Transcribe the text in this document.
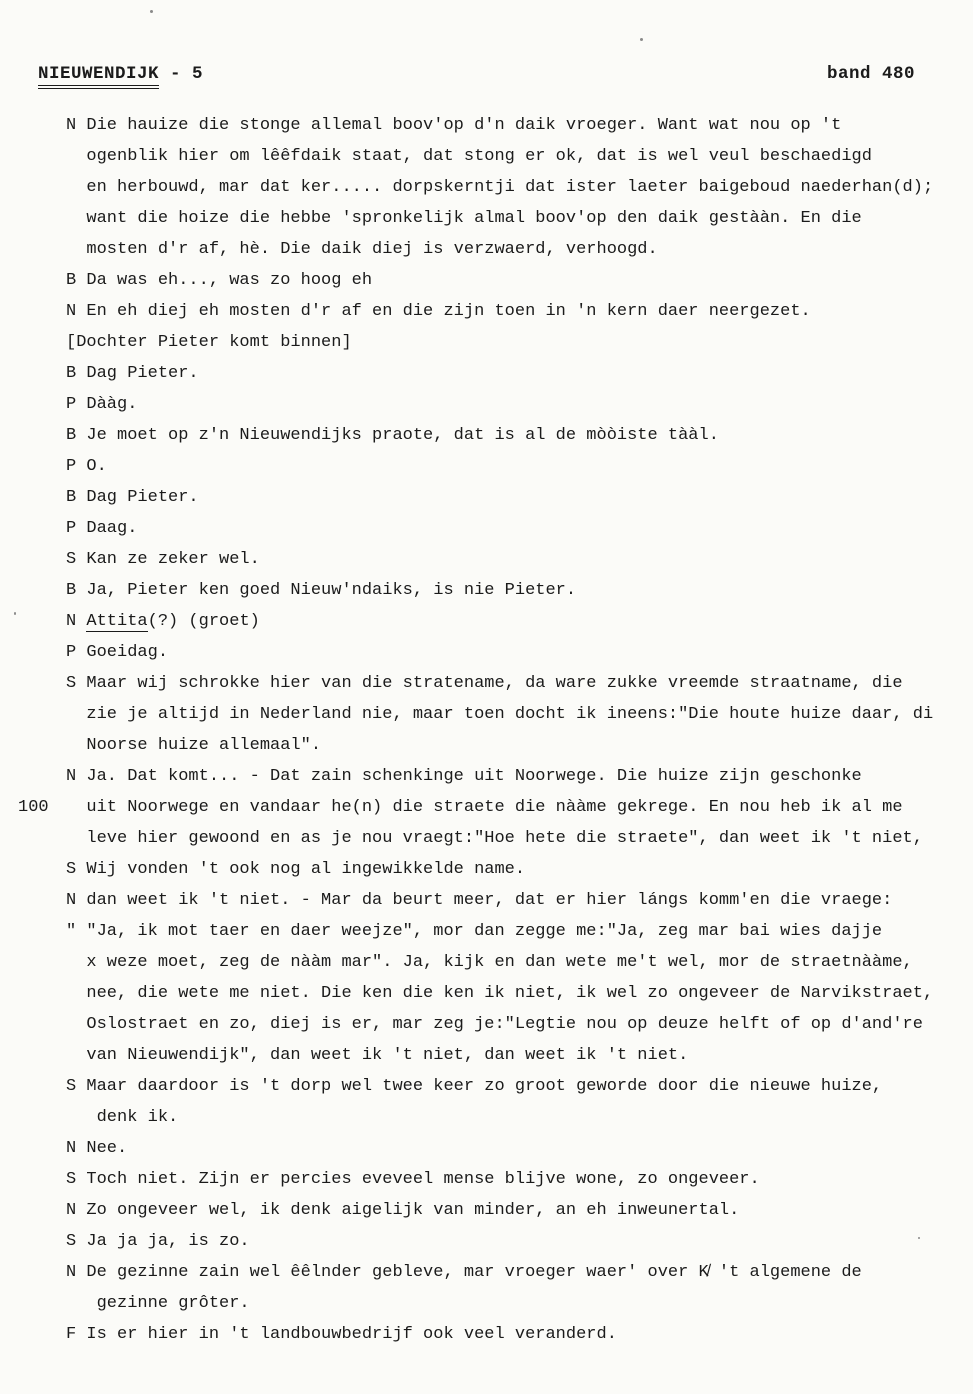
NIEUWENDIJK - 5	band 480
N Die hauize die stonge allemal boov'op d'n daik vroeger. Want wat nou op 't
ogenblik hier om lêêfdaik staat, dat stong er ok, dat is wel veul beschaedigd
en herbouwd, mar dat ker..... dorpskerntji dat ister laeter baigeboud naederhan(d);
want die hoize die hebbe 'spronkelijk almal boov'op den daik gestààn. En die
mosten d'r af, hè. Die daik diej is verzwaerd, verhoogd.
B Da was eh..., was zo hoog eh
N En eh diej eh mosten d'r af en die zijn toen in 'n kern daer neergezet.
[Dochter Pieter komt binnen]
B Dag Pieter.
P Dààg.
B Je moet op z'n Nieuwendijks praote, dat is al de mòòiste tààl.
P O.
B Dag Pieter.
P Daag.
S Kan ze zeker wel.
B Ja, Pieter ken goed Nieuw'ndaiks, is nie Pieter.
N Attita(?) (groet)
P Goeidag.
S Maar wij schrokke hier van die stratename, da ware zukke vreemde straatname, die
zie je altijd in Nederland nie, maar toen docht ik ineens:"Die houte huize daar, di
Noorse huize allemaal".
N Ja. Dat komt... - Dat zain schenkinge uit Noorwege. Die huize zijn geschonke
100	uit Noorwege en vandaar he(n) die straete die nààme gekrege. En nou heb ik al me
leve hier gewoond en as je nou vraegt:"Hoe hete die straete", dan weet ik 't niet,
S Wij vonden 't ook nog al ingewikkelde name.
N dan weet ik 't niet. - Mar da beurt meer, dat er hier lángs komm'en die vraege:
" "Ja, ik mot taer en daer weejze", mor dan zegge me:"Ja, zeg mar bai wies dajje
x weze moet, zeg de nààm mar". Ja, kijk en dan wete me't wel, mor de straetnààme,
nee, die wete me niet. Die ken die ken ik niet, ik wel zo ongeveer de Narvikstraet,
Oslostraet en zo, diej is er, mar zeg je:"Legtie nou op deuze helft of op d'and're
van Nieuwendijk", dan weet ik 't niet, dan weet ik 't niet.
S Maar daardoor is 't dorp wel twee keer zo groot geworde door die nieuwe huize,
denk ik.
N Nee.
S Toch niet. Zijn er percies eveveel mense blijve wone, zo ongeveer.
N Zo ongeveer wel, ik denk aigelijk van minder, an eh inweunertal.
S Ja ja ja, is zo.
N De gezinne zain wel êêlnder gebleve, mar vroeger waer' over K̸ 't algemene de
gezinne grôter.
F Is er hier in 't landbouwbedrijf ook veel veranderd.
